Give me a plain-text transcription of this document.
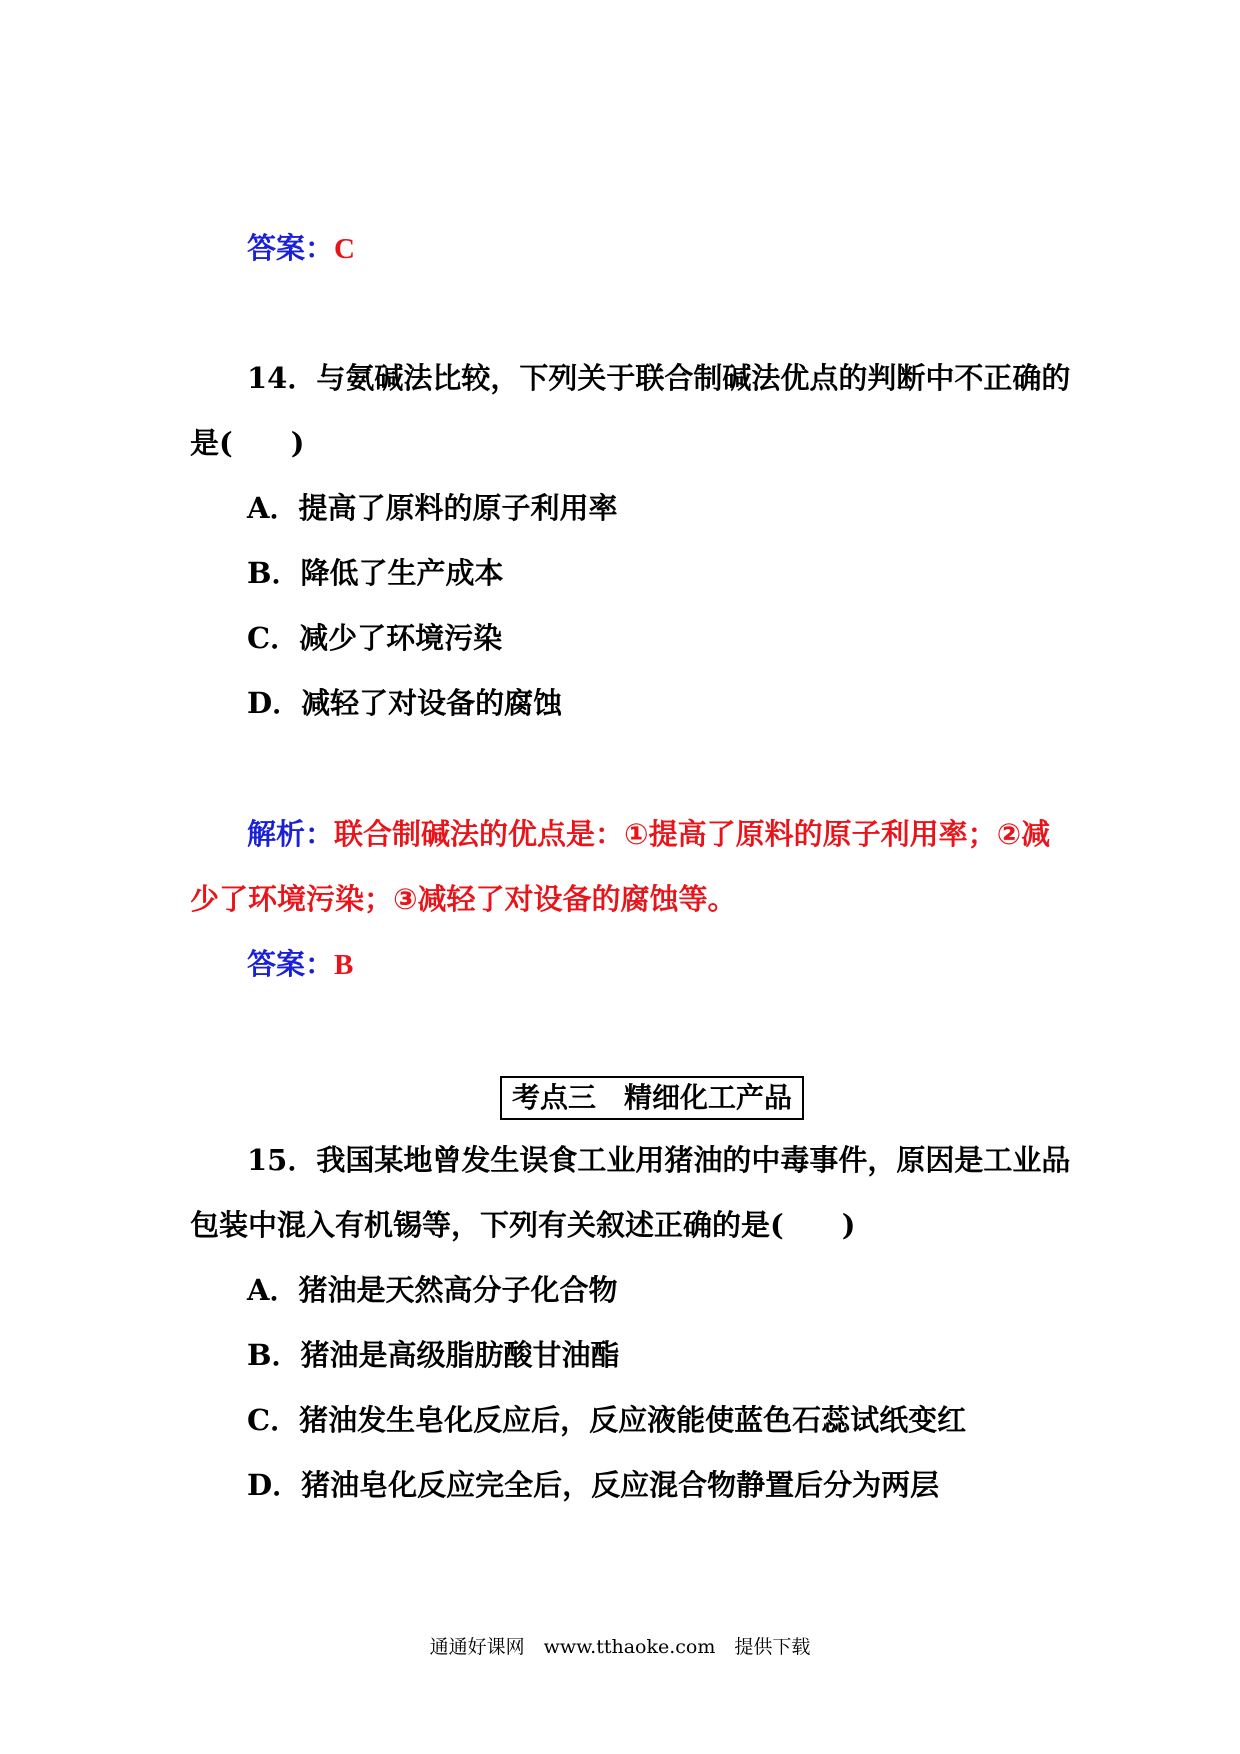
答案：C
14．与氨碱法比较，下列关于联合制碱法优点的判断中不正确的
是(　　)
A．提高了原料的原子利用率
B．降低了生产成本
C．减少了环境污染
D．减轻了对设备的腐蚀
解析：联合制碱法的优点是：①提高了原料的原子利用率；②减
少了环境污染；③减轻了对设备的腐蚀等。
答案：B
考点三　精细化工产品
15．我国某地曾发生误食工业用猪油的中毒事件，原因是工业品
包装中混入有机锡等，下列有关叙述正确的是(　　)
A．猪油是天然高分子化合物
B．猪油是高级脂肪酸甘油酯
C．猪油发生皂化反应后，反应液能使蓝色石蕊试纸变红
D．猪油皂化反应完全后，反应混合物静置后分为两层
通通好课网　www.tthaoke.com　提供下载
